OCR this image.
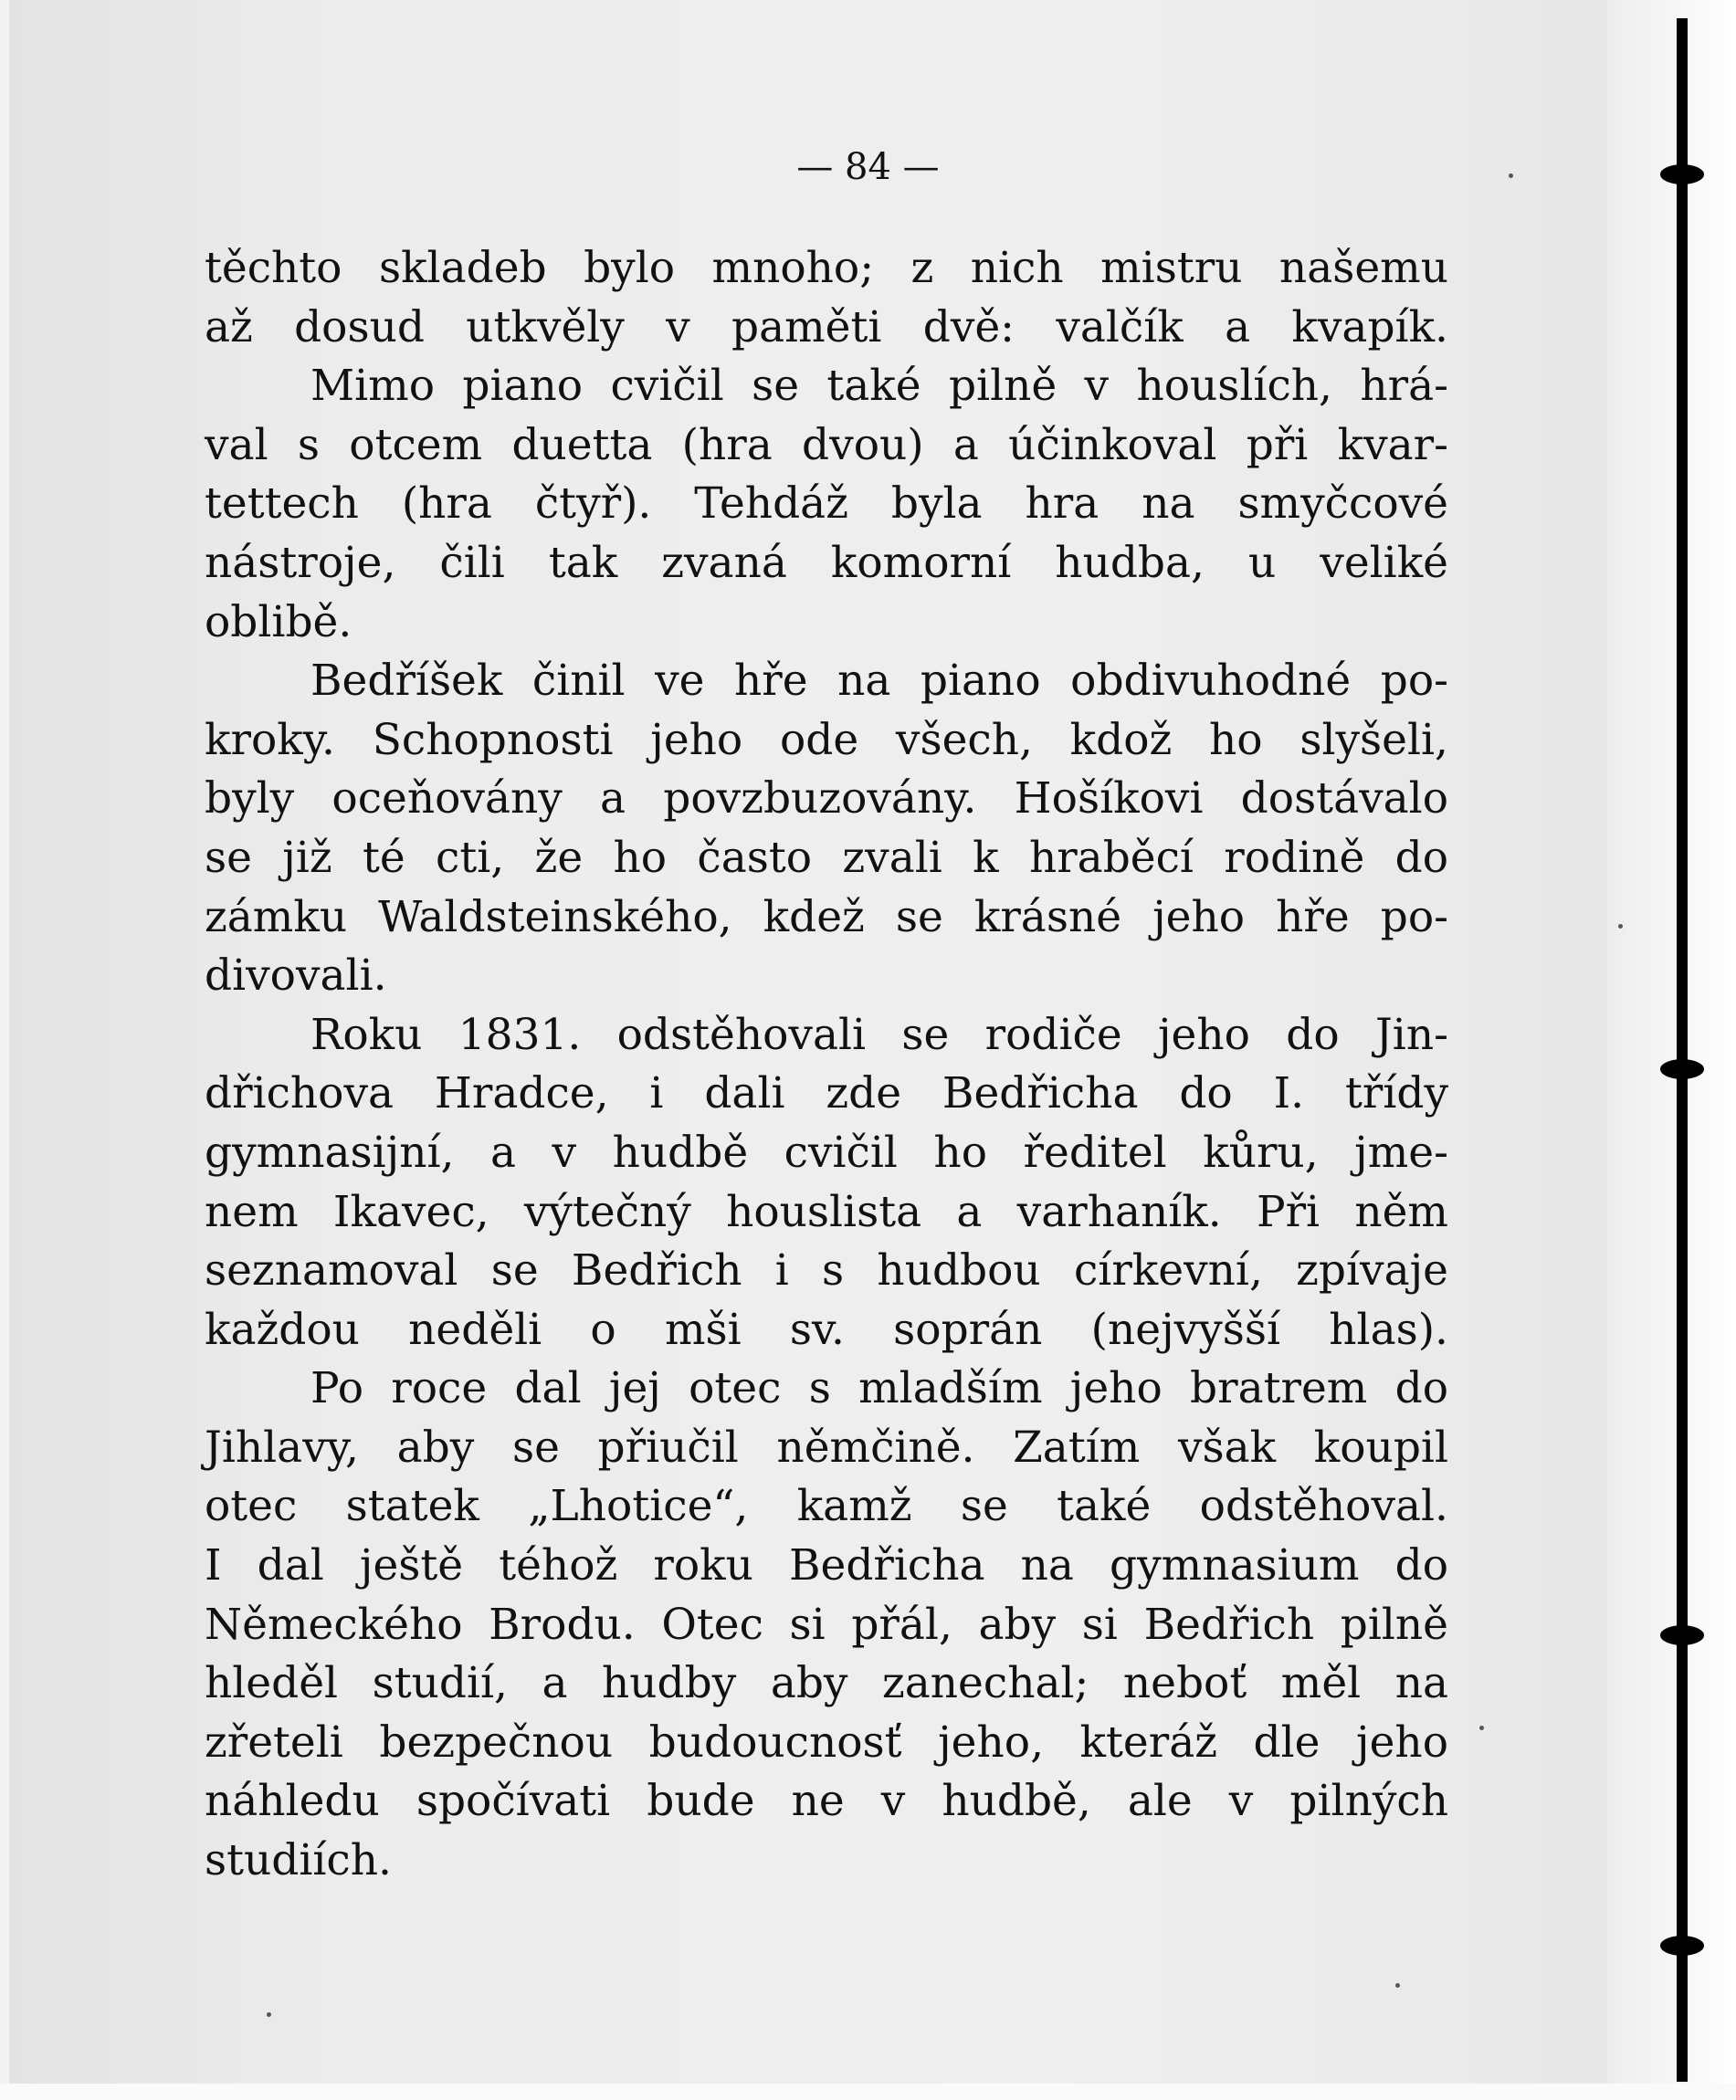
— 84 —
těchto skladeb bylo mnoho; z nich mistru našemu
až dosud utkvěly v paměti dvě: valčík a kvapík.
Mimo piano cvičil se také pilně v houslích, hrá-
val s otcem duetta (hra dvou) a účinkoval při kvar-
tettech (hra čtyř). Tehdáž byla hra na smyčcové
nástroje, čili tak zvaná komorní hudba, u veliké
oblibě.
Bedříšek činil ve hře na piano obdivuhodné po-
kroky. Schopnosti jeho ode všech, kdož ho slyšeli,
byly oceňovány a povzbuzovány. Hošíkovi dostávalo
se již té cti, že ho často zvali k hraběcí rodině do
zámku Waldsteinského, kdež se krásné jeho hře po-
divovali.
Roku 1831. odstěhovali se rodiče jeho do Jin-
dřichova Hradce, i dali zde Bedřicha do I. třídy
gymnasijní, a v hudbě cvičil ho ředitel kůru, jme-
nem Ikavec, výtečný houslista a varhaník. Při něm
seznamoval se Bedřich i s hudbou církevní, zpívaje
každou neděli o mši sv. soprán (nejvyšší hlas).
Po roce dal jej otec s mladším jeho bratrem do
Jihlavy, aby se přiučil němčině. Zatím však koupil
otec statek „Lhotice“, kamž se také odstěhoval.
I dal ještě téhož roku Bedřicha na gymnasium do
Německého Brodu. Otec si přál, aby si Bedřich pilně
hleděl studií, a hudby aby zanechal; neboť měl na
zřeteli bezpečnou budoucnosť jeho, kteráž dle jeho
náhledu spočívati bude ne v hudbě, ale v pilných
studiích.
